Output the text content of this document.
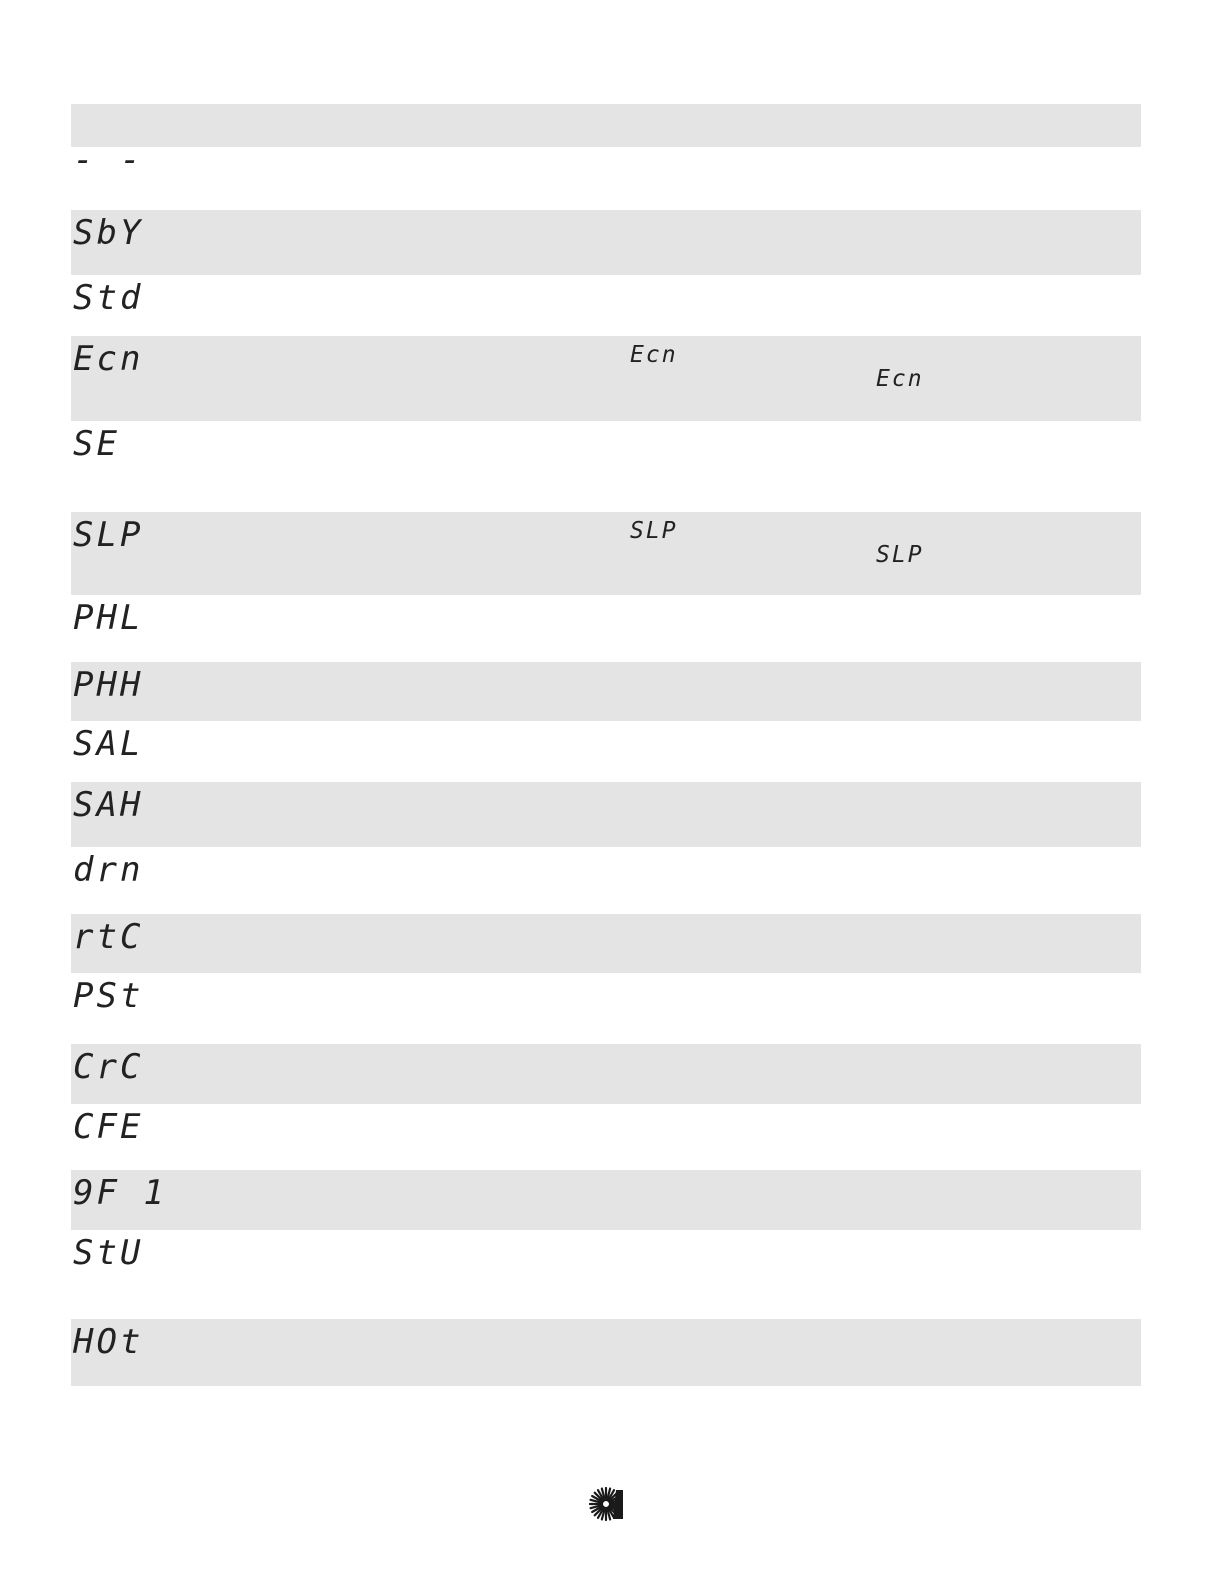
- -
SbY
Std
Ecn	Ecn
Ecn
SE
SLP	SLP
SLP
PHL
PHH
SAL
SAH
drn
rtC
PSt
CrC
CFE
9F 1
StU
HOt
